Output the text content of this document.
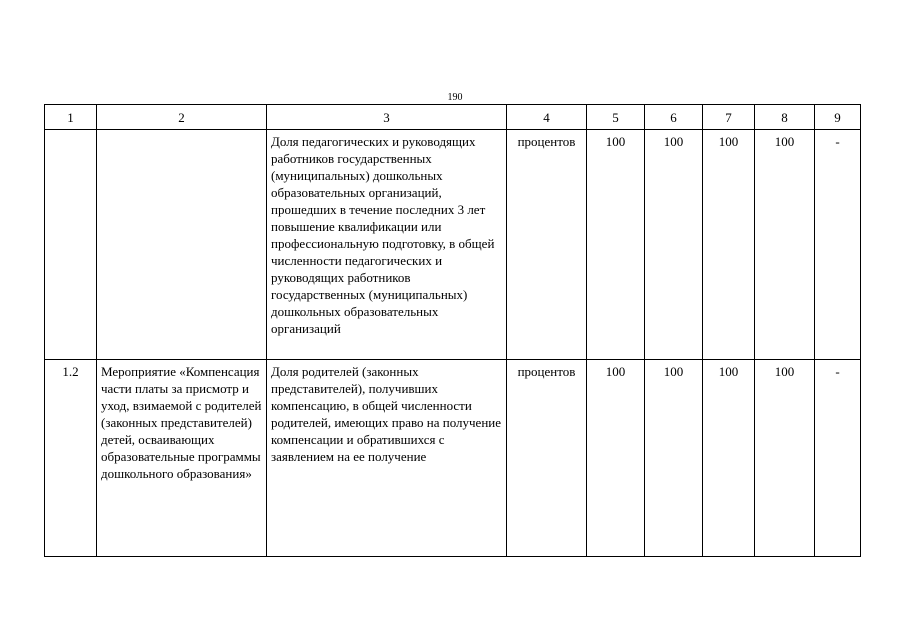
190
1	2	3	4	5	6	7	8	9
		Доля педагогических и руководящих работников государственных (муниципальных) дошкольных образовательных организаций, прошедших в течение последних 3 лет повышение квалификации или профессиональную подготовку, в общей численности педагогических и руководящих работников государственных (муниципальных) дошкольных образовательных организаций	процентов	100	100	100	100	-
1.2	Мероприятие «Компенсация части платы за присмотр и уход, взимаемой с родителей (законных представителей) детей, осваивающих образовательные программы дошкольного образования»	Доля родителей (законных представителей), получивших компенсацию, в общей численности родителей, имеющих право на получение компенсации и обратившихся с заявлением на ее получение	процентов	100	100	100	100	-
